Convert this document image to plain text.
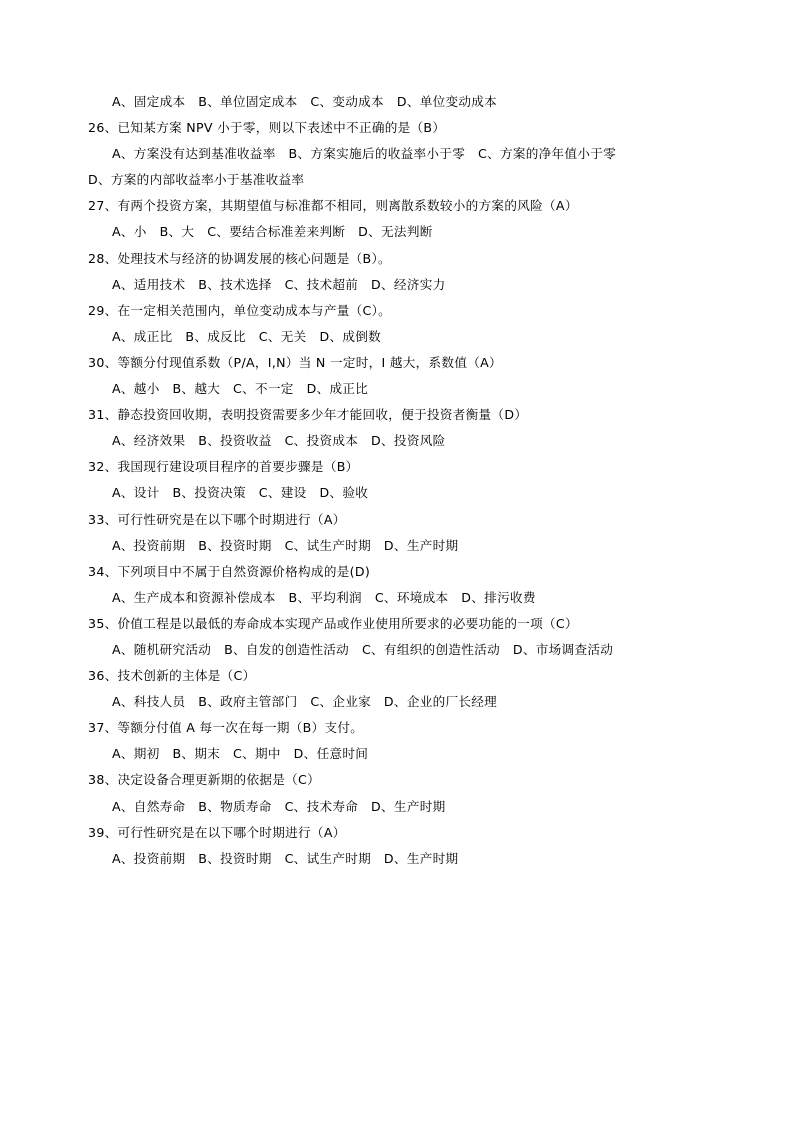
A、固定成本　B、单位固定成本　C、变动成本　D、单位变动成本

26、已知某方案 NPV 小于零，则以下表述中不正确的是（B）

A、方案没有达到基准收益率　B、方案实施后的收益率小于零　C、方案的净年值小于零

D、方案的内部收益率小于基准收益率

27、有两个投资方案，其期望值与标准都不相同，则离散系数较小的方案的风险（A）

A、小　B、大　C、要结合标准差来判断　D、无法判断

28、处理技术与经济的协调发展的核心问题是（B）。

A、适用技术　B、技术选择　C、技术超前　D、经济实力

29、在一定相关范围内，单位变动成本与产量（C）。

A、成正比　B、成反比　C、无关　D、成倒数

30、等额分付现值系数（P/A，I,N）当 N 一定时，I 越大，系数值（A）

A、越小　B、越大　C、不一定　D、成正比

31、静态投资回收期，表明投资需要多少年才能回收，便于投资者衡量（D）

A、经济效果　B、投资收益　C、投资成本　D、投资风险

32、我国现行建设项目程序的首要步骤是（B）

A、设计　B、投资决策　C、建设　D、验收

33、可行性研究是在以下哪个时期进行（A）

A、投资前期　B、投资时期　C、试生产时期　D、生产时期

34、下列项目中不属于自然资源价格构成的是(D)

A、生产成本和资源补偿成本　B、平均利润　C、环境成本　D、排污收费

35、价值工程是以最低的寿命成本实现产品或作业使用所要求的必要功能的一项（C）

A、随机研究活动　B、自发的创造性活动　C、有组织的创造性活动　D、市场调查活动

36、技术创新的主体是（C）

A、科技人员　B、政府主管部门　C、企业家　D、企业的厂长经理

37、等额分付值 A 每一次在每一期（B）支付。

A、期初　B、期末　C、期中　D、任意时间

38、决定设备合理更新期的依据是（C）

A、自然寿命　B、物质寿命　C、技术寿命　D、生产时期

39、可行性研究是在以下哪个时期进行（A）

A、投资前期　B、投资时期　C、试生产时期　D、生产时期
